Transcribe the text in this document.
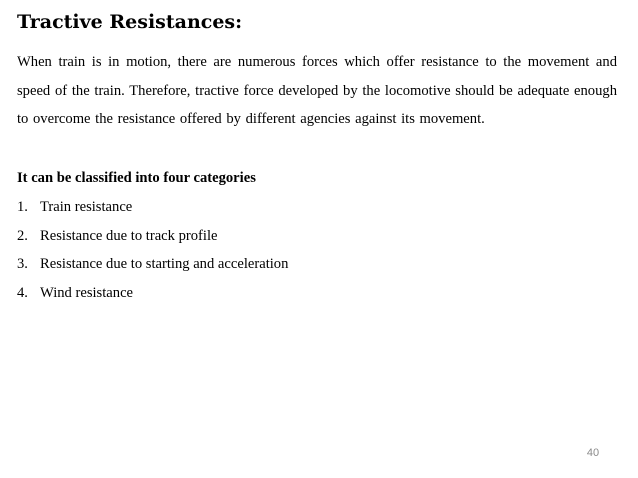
Tractive Resistances:

When train is in motion, there are numerous forces which offer resistance to the movement and speed of the train. Therefore, tractive force developed by the locomotive should be adequate enough to overcome the resistance offered by different agencies against its movement.

It can be classified into four categories

1. Train resistance
2. Resistance due to track profile
3. Resistance due to starting and acceleration
4. Wind resistance
40
